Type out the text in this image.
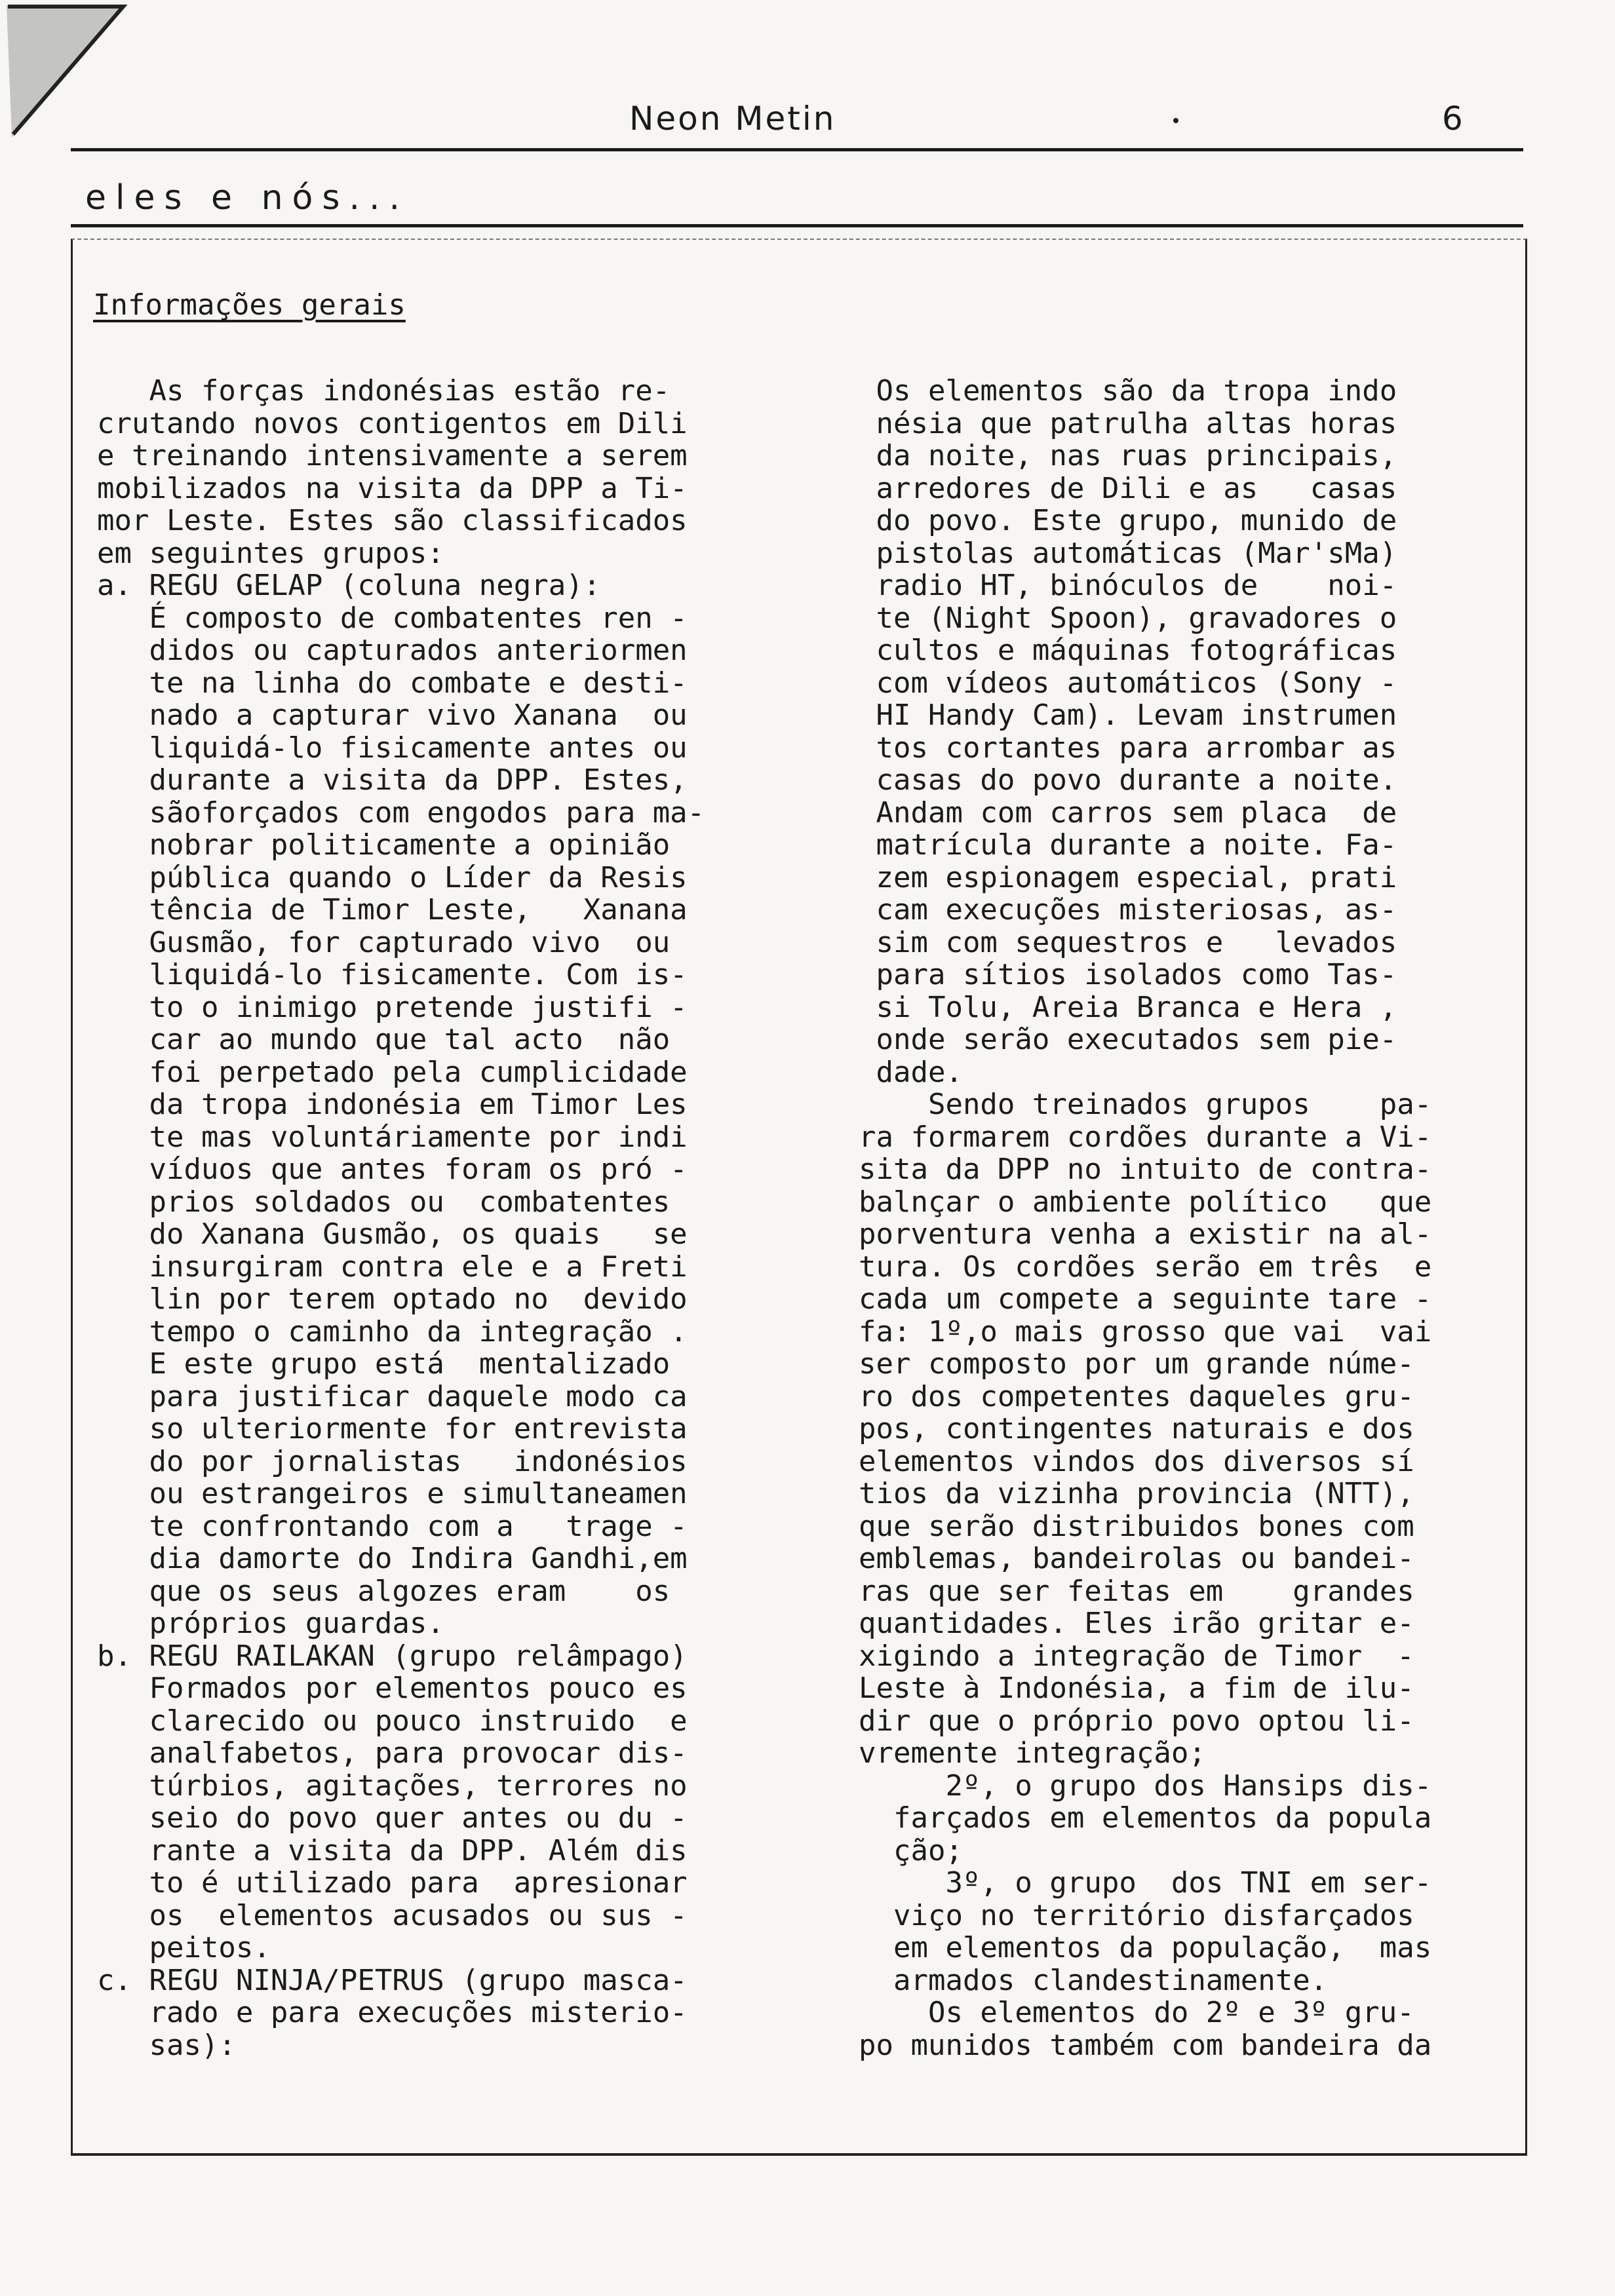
Neon Metin	6
eles e nós...
Informações gerais
As forças indonésias estão re-
crutando novos contigentos em Dili
e treinando intensivamente a serem
mobilizados na visita da DPP a Ti-
mor Leste. Estes são classificados
em seguintes grupos:
a. REGU GELAP (coluna negra):
É composto de combatentes ren -
didos ou capturados anteriormen
te na linha do combate e desti-
nado a capturar vivo Xanana  ou
liquidá-lo fisicamente antes ou
durante a visita da DPP. Estes,
sãoforçados com engodos para ma-
nobrar politicamente a opinião
pública quando o Líder da Resis
tência de Timor Leste,   Xanana
Gusmão, for capturado vivo  ou
liquidá-lo fisicamente. Com is-
to o inimigo pretende justifi -
car ao mundo que tal acto  não
foi perpetado pela cumplicidade
da tropa indonésia em Timor Les
te mas voluntáriamente por indi
víduos que antes foram os pró -
prios soldados ou  combatentes
do Xanana Gusmão, os quais   se
insurgiram contra ele e a Freti
lin por terem optado no  devido
tempo o caminho da integração .
E este grupo está  mentalizado
para justificar daquele modo ca
so ulteriormente for entrevista
do por jornalistas   indonésios
ou estrangeiros e simultaneamen
te confrontando com a   trage -
dia damorte do Indira Gandhi,em
que os seus algozes eram    os
próprios guardas.
b. REGU RAILAKAN (grupo relâmpago)
Formados por elementos pouco es
clarecido ou pouco instruido  e
analfabetos, para provocar dis-
túrbios, agitações, terrores no
seio do povo quer antes ou du -
rante a visita da DPP. Além dis
to é utilizado para  apresionar
os  elementos acusados ou sus -
peitos.
c. REGU NINJA/PETRUS (grupo masca-
rado e para execuções misterio-
sas):
Os elementos são da tropa indo
nésia que patrulha altas horas
da noite, nas ruas principais,
arredores de Dili e as   casas
do povo. Este grupo, munido de
pistolas automáticas (Mar'sMa)
radio HT, binóculos de    noi-
te (Night Spoon), gravadores o
cultos e máquinas fotográficas
com vídeos automáticos (Sony -
HI Handy Cam). Levam instrumen
tos cortantes para arrombar as
casas do povo durante a noite.
Andam com carros sem placa  de
matrícula durante a noite. Fa-
zem espionagem especial, prati
cam execuções misteriosas, as-
sim com sequestros e   levados
para sítios isolados como Tas-
si Tolu, Areia Branca e Hera ,
onde serão executados sem pie-
dade.
Sendo treinados grupos    pa-
ra formarem cordões durante a Vi-
sita da DPP no intuito de contra-
balnçar o ambiente político   que
porventura venha a existir na al-
tura. Os cordões serão em três  e
cada um compete a seguinte tare -
fa: 1º,o mais grosso que vai  vai
ser composto por um grande núme-
ro dos competentes daqueles gru-
pos, contingentes naturais e dos
elementos vindos dos diversos sí
tios da vizinha provincia (NTT),
que serão distribuidos bones com
emblemas, bandeirolas ou bandei-
ras que ser feitas em    grandes
quantidades. Eles irão gritar e-
xigindo a integração de Timor  -
Leste à Indonésia, a fim de ilu-
dir que o próprio povo optou li-
vremente integração;
2º, o grupo dos Hansips dis-
farçados em elementos da popula
ção;
3º, o grupo  dos TNI em ser-
viço no território disfarçados
em elementos da população,  mas
armados clandestinamente.
Os elementos do 2º e 3º gru-
po munidos também com bandeira da
